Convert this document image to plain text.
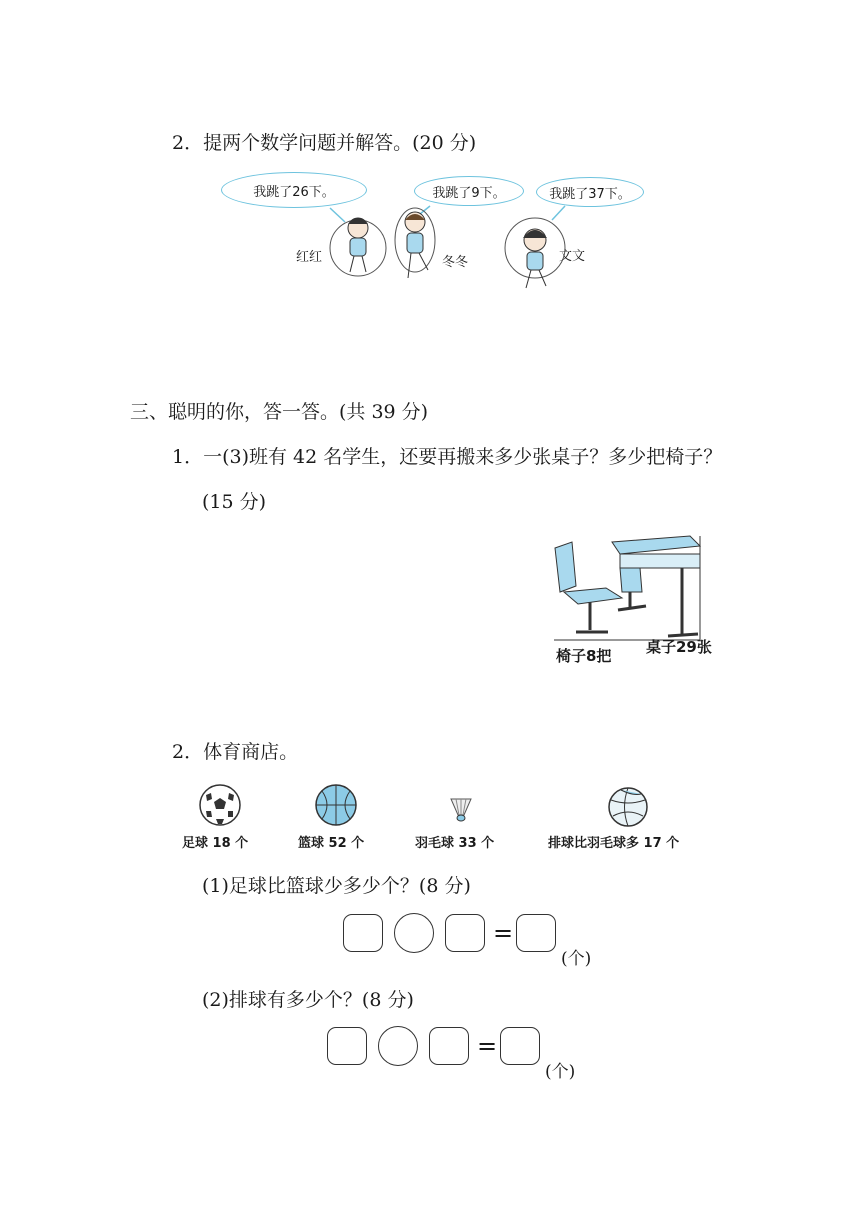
2．提两个数学问题并解答。(20 分)
我跳了26下。	我跳了9下。	我跳了37下。
红红	冬冬	文文
三、聪明的你，答一答。(共 39 分)
1．一(3)班有 42 名学生，还要再搬来多少张桌子？多少把椅子？
(15 分)
椅子8把 桌子29张
2．体育商店。
足球 18 个	篮球 52 个	羽毛球 33 个	排球比羽毛球多 17 个
(1)足球比篮球少多少个？(8 分)
=
(个)
(2)排球有多少个？(8 分)
=
(个)
